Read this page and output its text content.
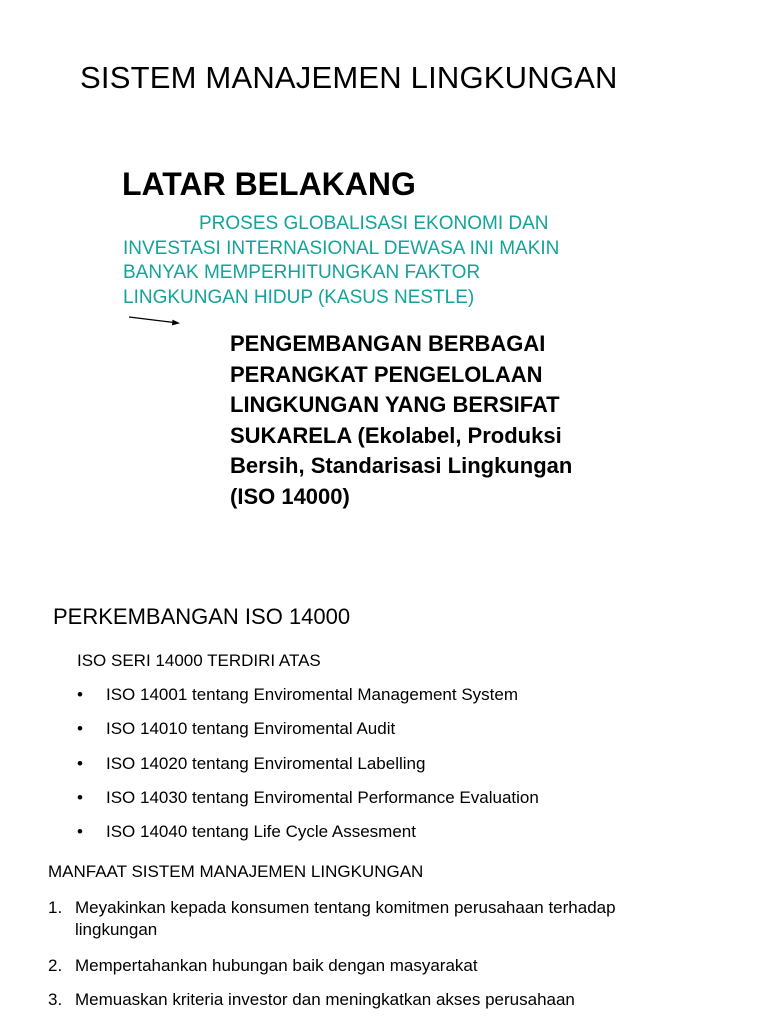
SISTEM MANAJEMEN LINGKUNGAN
LATAR BELAKANG
PROSES GLOBALISASI EKONOMI DAN
INVESTASI INTERNASIONAL DEWASA INI MAKIN
BANYAK MEMPERHITUNGKAN FAKTOR
LINGKUNGAN HIDUP (KASUS NESTLE)
PENGEMBANGAN BERBAGAI
PERANGKAT PENGELOLAAN
LINGKUNGAN YANG BERSIFAT
SUKARELA (Ekolabel, Produksi
Bersih, Standarisasi Lingkungan
(ISO 14000)
PERKEMBANGAN ISO 14000
ISO SERI 14000 TERDIRI ATAS
• ISO 14001 tentang Enviromental Management System
• ISO 14010 tentang Enviromental Audit
• ISO 14020 tentang Enviromental Labelling
• ISO 14030 tentang Enviromental Performance Evaluation
• ISO 14040 tentang Life Cycle Assesment
MANFAAT SISTEM MANAJEMEN LINGKUNGAN
1. Meyakinkan kepada konsumen tentang komitmen perusahaan terhadap
lingkungan
2. Mempertahankan hubungan baik dengan masyarakat
3. Memuaskan kriteria investor dan meningkatkan akses perusahaan
